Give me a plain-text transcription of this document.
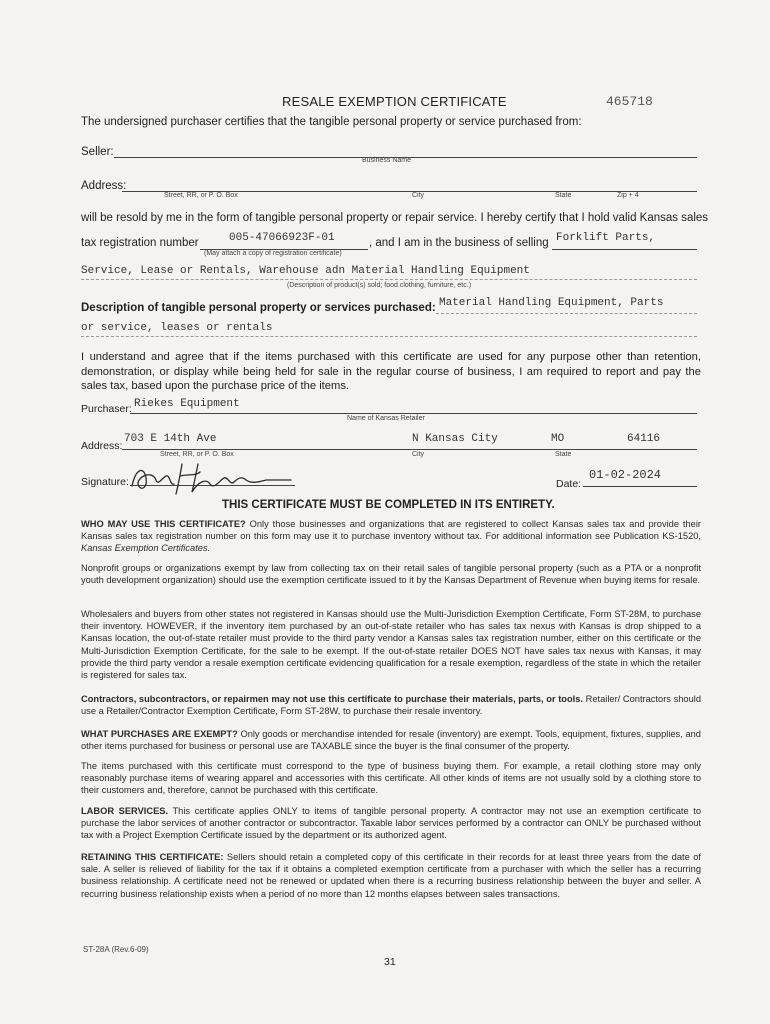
RESALE EXEMPTION CERTIFICATE	465718
The undersigned purchaser certifies that the tangible personal property or service purchased from:
Seller:
Business Name
Address:
Street, RR, or P. O. Box	City	State	Zip + 4
will be resold by me in the form of tangible personal property or repair service. I hereby certify that I hold valid Kansas sales
tax registration number	005-47066923F-01	, and I am in the business of selling Forklift Parts,
(May attach a copy of registration certificate)
Service, Lease or Rentals, Warehouse adn Material Handling Equipment
(Description of product(s) sold; food clothing, furniture, etc.)
Description of tangible personal property or services purchased: Material Handling Equipment, Parts
or service, leases or rentals
I understand and agree that if the items purchased with this certificate are used for any purpose other than retention, demonstration, or display while being held for sale in the regular course of business, I am required to report and pay the sales tax, based upon the purchase price of the items.
Purchaser: Riekes Equipment
Name of Kansas Retailer
Address:
703 E 14th Ave	N Kansas City	MO	64116
Street, RR, or P. O. Box	City	State
Signature:	Date:
01-02-2024
THIS CERTIFICATE MUST BE COMPLETED IN ITS ENTIRETY.
WHO MAY USE THIS CERTIFICATE? Only those businesses and organizations that are registered to collect Kansas sales tax and provide their Kansas sales tax registration number on this form may use it to purchase inventory without tax. For additional information see Publication KS-1520, Kansas Exemption Certificates.
Nonprofit groups or organizations exempt by law from collecting tax on their retail sales of tangible personal property (such as a PTA or a nonprofit youth development organization) should use the exemption certificate issued to it by the Kansas Department of Revenue when buying items for resale.
Wholesalers and buyers from other states not registered in Kansas should use the Multi-Jurisdiction Exemption Certificate, Form ST-28M, to purchase their inventory. HOWEVER, if the inventory item purchased by an out-of-state retailer who has sales tax nexus with Kansas is drop shipped to a Kansas location, the out-of-state retailer must provide to the third party vendor a Kansas sales tax registration number, either on this certificate or the Multi-Jurisdiction Exemption Certificate, for the sale to be exempt. If the out-of-state retailer DOES NOT have sales tax nexus with Kansas, it may provide the third party vendor a resale exemption certificate evidencing qualification for a resale exemption, regardless of the state in which the retailer is registered for sales tax.
Contractors, subcontractors, or repairmen may not use this certificate to purchase their materials, parts, or tools. Retailer/ Contractors should use a Retailer/Contractor Exemption Certificate, Form ST-28W, to purchase their resale inventory.
WHAT PURCHASES ARE EXEMPT? Only goods or merchandise intended for resale (inventory) are exempt. Tools, equipment, fixtures, supplies, and other items purchased for business or personal use are TAXABLE since the buyer is the final consumer of the property.
The items purchased with this certificate must correspond to the type of business buying them. For example, a retail clothing store may only reasonably purchase items of wearing apparel and accessories with this certificate. All other kinds of items are not usually sold by a clothing store to their customers and, therefore, cannot be purchased with this certificate.
LABOR SERVICES. This certificate applies ONLY to items of tangible personal property. A contractor may not use an exemption certificate to purchase the labor services of another contractor or subcontractor. Taxable labor services performed by a contractor can ONLY be purchased without tax with a Project Exemption Certificate issued by the department or its authorized agent.
RETAINING THIS CERTIFICATE: Sellers should retain a completed copy of this certificate in their records for at least three years from the date of sale. A seller is relieved of liability for the tax if it obtains a completed exemption certificate from a purchaser with which the seller has a recurring business relationship. A certificate need not be renewed or updated when there is a recurring business relationship between the buyer and seller. A recurring business relationship exists when a period of no more than 12 months elapses between sales transactions.
ST-28A (Rev.6-09)
31
